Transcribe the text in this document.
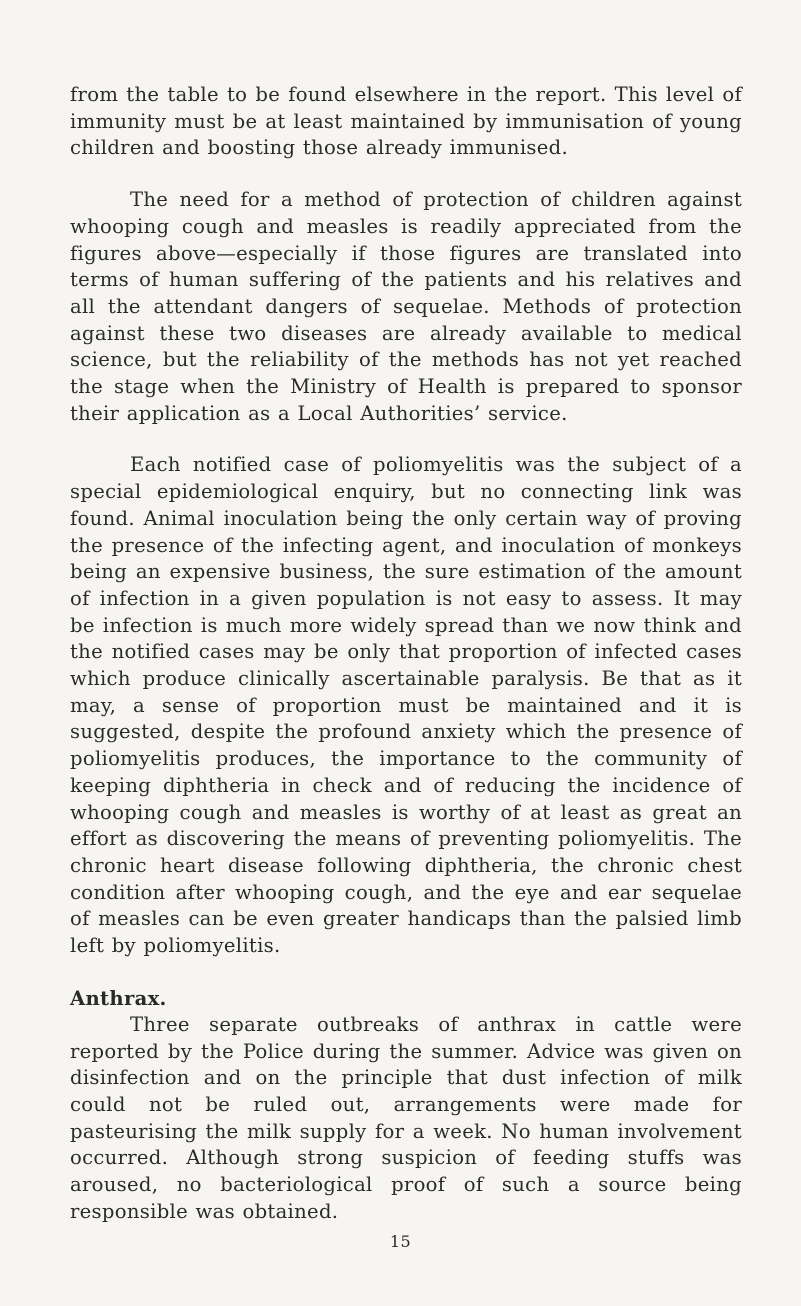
from the table to be found elsewhere in the report. This level of immunity must be at least maintained by immunisation of young children and boosting those already immunised.

The need for a method of protection of children against whooping cough and measles is readily appreciated from the figures above—especially if those figures are translated into terms of human suffering of the patients and his relatives and all the attendant dangers of sequelae. Methods of protection against these two diseases are already available to medical science, but the reliability of the methods has not yet reached the stage when the Ministry of Health is prepared to sponsor their application as a Local Authorities’ service.

Each notified case of poliomyelitis was the subject of a special epidemiological enquiry, but no connecting link was found. Animal inoculation being the only certain way of proving the presence of the infecting agent, and inoculation of monkeys being an expensive business, the sure estimation of the amount of infection in a given population is not easy to assess. It may be infection is much more widely spread than we now think and the notified cases may be only that proportion of infected cases which produce clinically ascertainable paralysis. Be that as it may, a sense of proportion must be maintained and it is suggested, despite the profound anxiety which the presence of poliomyelitis produces, the importance to the community of keeping diphtheria in check and of reducing the incidence of whooping cough and measles is worthy of at least as great an effort as discovering the means of preventing poliomyelitis. The chronic heart disease following diphtheria, the chronic chest condition after whooping cough, and the eye and ear sequelae of measles can be even greater handicaps than the palsied limb left by poliomyelitis.

Anthrax.

Three separate outbreaks of anthrax in cattle were reported by the Police during the summer. Advice was given on disinfection and on the principle that dust infection of milk could not be ruled out, arrangements were made for pasteurising the milk supply for a week. No human involvement occurred. Although strong suspicion of feeding stuffs was aroused, no bacteriological proof of such a source being responsible was obtained.

15
